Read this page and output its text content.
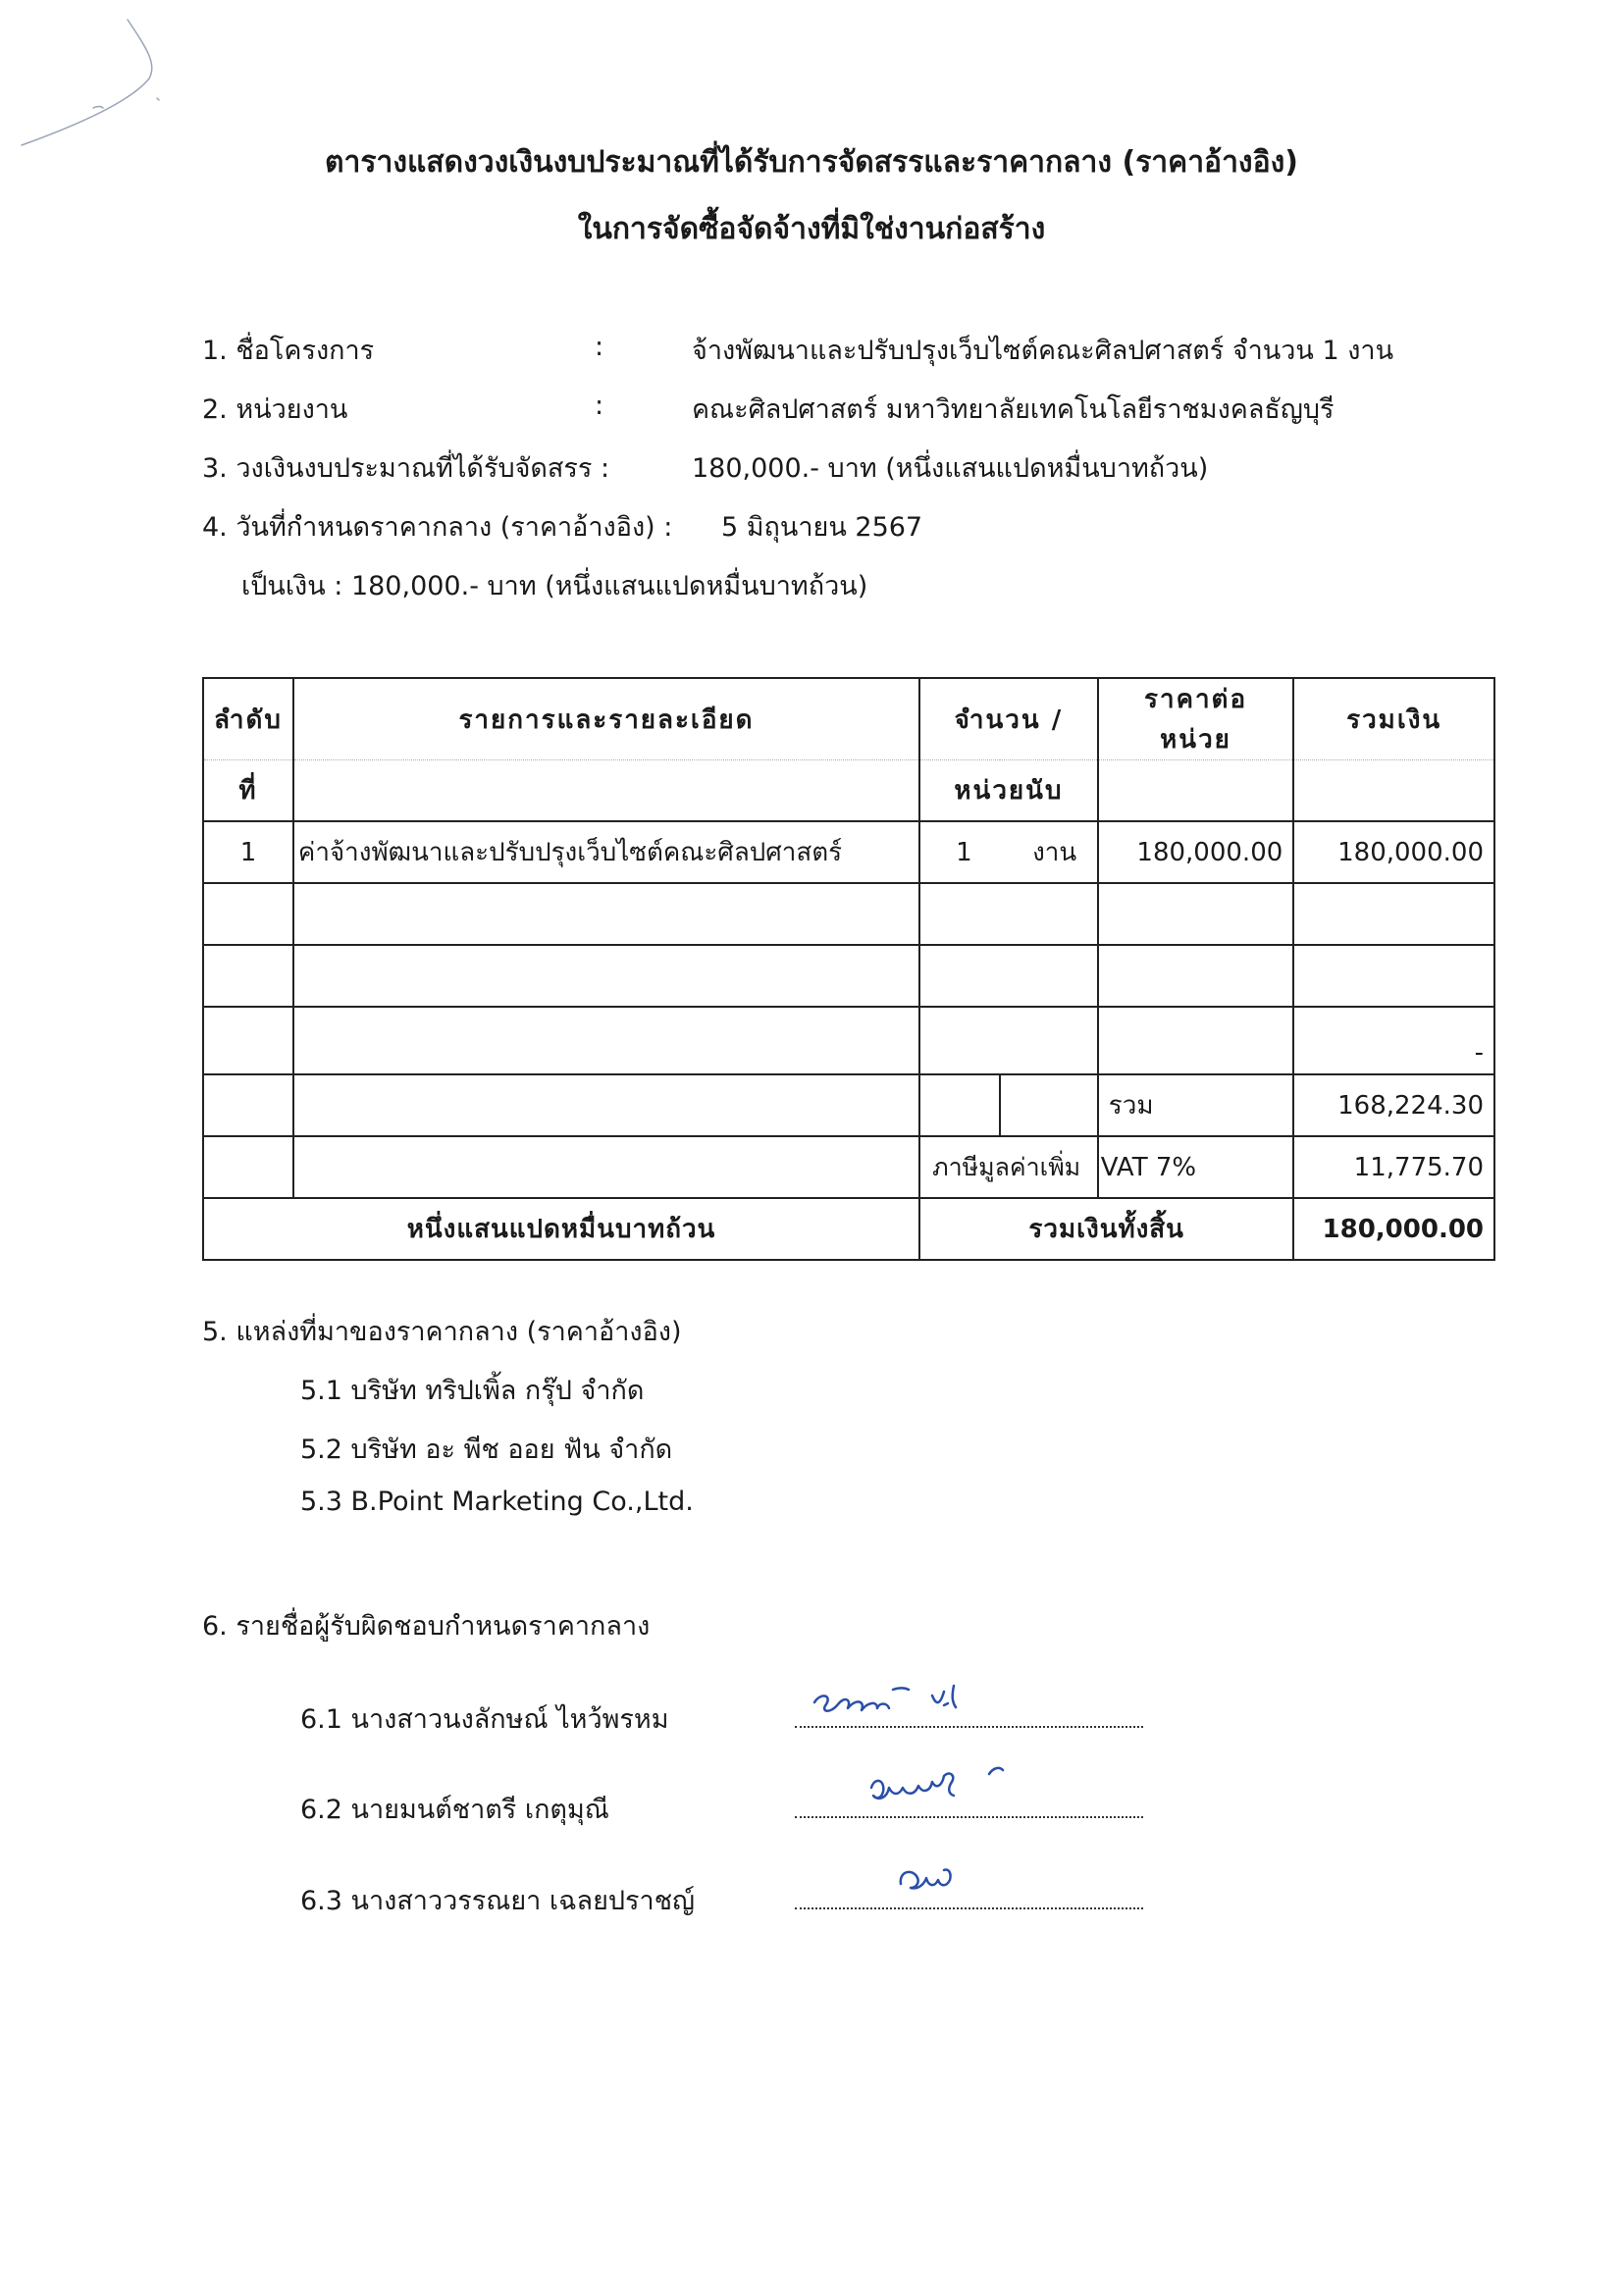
ตารางแสดงวงเงินงบประมาณที่ได้รับการจัดสรรและราคากลาง (ราคาอ้างอิง)
ในการจัดซื้อจัดจ้างที่มิใช่งานก่อสร้าง
1. ชื่อโครงการ	:	จ้างพัฒนาและปรับปรุงเว็บไซต์คณะศิลปศาสตร์ จำนวน 1 งาน
2. หน่วยงาน	:	คณะศิลปศาสตร์ มหาวิทยาลัยเทคโนโลยีราชมงคลธัญบุรี
3. วงเงินงบประมาณที่ได้รับจัดสรร :	180,000.- บาท (หนึ่งแสนแปดหมื่นบาทถ้วน)
4. วันที่กำหนดราคากลาง (ราคาอ้างอิง) : 5 มิถุนายน 2567
เป็นเงิน : 180,000.- บาท (หนึ่งแสนแปดหมื่นบาทถ้วน)
ลำดับ	รายการและรายละเอียด	จำนวน /		ราคาต่อหน่วย	รวมเงิน
ที่		หน่วยนับ			
1	ค่าจ้างพัฒนาและปรับปรุงเว็บไซต์คณะศิลปศาสตร์	1 งาน		180,000.00	180,000.00

					-
				รวม	168,224.30
		ภาษีมูลค่าเพิ่ม		VAT 7%	11,775.70
หนึ่งแสนแปดหมื่นบาทถ้วน		รวมเงินทั้งสิ้น			180,000.00
5. แหล่งที่มาของราคากลาง (ราคาอ้างอิง)
5.1 บริษัท ทริปเพิ้ล กรุ๊ป จำกัด
5.2 บริษัท อะ พีช ออย ฟัน จำกัด
5.3 B.Point Marketing Co.,Ltd.
6. รายชื่อผู้รับผิดชอบกำหนดราคากลาง
6.1 นางสาวนงลักษณ์ ไหว้พรหม
6.2 นายมนต์ชาตรี เกตุมุณี
6.3 นางสาววรรณยา เฉลยปราชญ์
